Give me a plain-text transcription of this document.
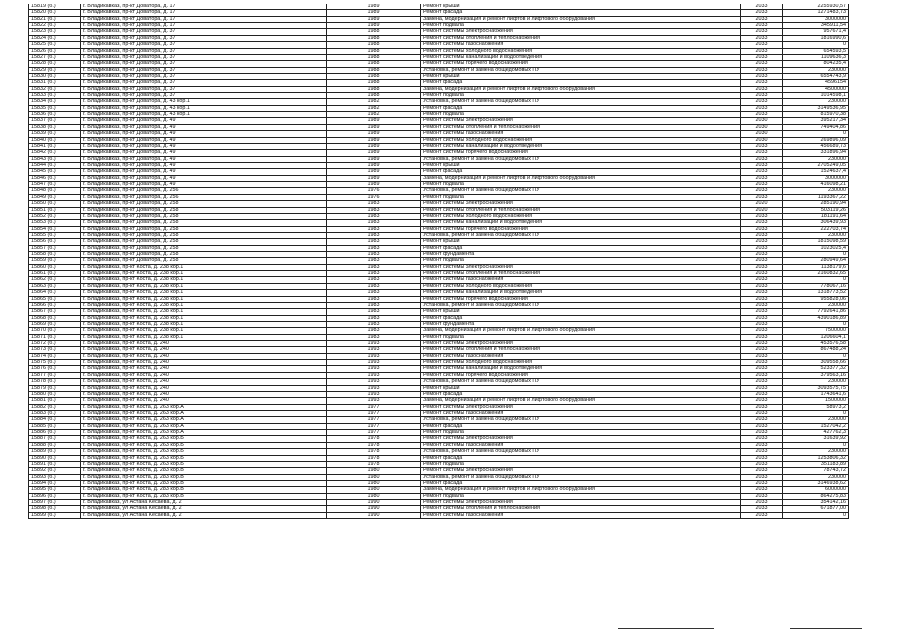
15819 (б.)	г. Владикавказ, пр-кт Доватора, д. 17	1989	Ремонт крыши	2033	2255930,57
15820 (б.)	г. Владикавказ, пр-кт Доватора, д. 17	1989	Ремонт фасада	2033	1271483,73
15821 (б.)	г. Владикавказ, пр-кт Доватора, д. 17	1989	Замена, модернизация и ремонт лифтов и лифтового оборудования	2033	3000000
15822 (б.)	г. Владикавказ, пр-кт Доватора, д. 17	1989	Ремонт подвала	2033	345911,54
15823 (б.)	г. Владикавказ, пр-кт Доватора, д. 37	1988	Ремонт системы электроснабжения	2033	957671,4
15824 (б.)	г. Владикавказ, пр-кт Доватора, д. 37	1988	Ремонт системы отопления и теплоснабжения	2033	1816990,6
15825 (б.)	г. Владикавказ, пр-кт Доватора, д. 37	1988	Ремонт системы газоснабжения	2033	0
15826 (б.)	г. Владикавказ, пр-кт Доватора, д. 37	1988	Ремонт системы холодного водоснабжения	2033	654593,5
15827 (б.)	г. Владикавказ, пр-кт Доватора, д. 37	1988	Ремонт системы канализации и водоотведения	2033	1109636,3
15828 (б.)	г. Владикавказ, пр-кт Доватора, д. 37	1988	Ремонт системы горячего водоснабжения	2033	804235,4
15829 (б.)	г. Владикавказ, пр-кт Доватора, д. 37	1988	Установка, ремонт и замена общедомовых ПУ	2033	230000
15830 (б.)	г. Владикавказ, пр-кт Доватора, д. 37	1988	Ремонт крыши	2033	6554743,9
15831 (б.)	г. Владикавказ, пр-кт Доватора, д. 37	1988	Ремонт фасада	2033	4596154
15832 (б.)	г. Владикавказ, пр-кт Доватора, д. 37	1988	Замена, модернизация и ремонт лифтов и лифтового оборудования	2033	4500000
15833 (б.)	г. Владикавказ, пр-кт Доватора, д. 37	1988	Ремонт подвала	2033	1014598,1
15834 (б.)	г. Владикавказ, пр-кт Доватора, д. 43 кор.1	1982	Установка, ремонт и замена общедомовых ПУ	2033	230000
15835 (б.)	г. Владикавказ, пр-кт Доватора, д. 43 кор.1	1982	Ремонт фасада	2033	3149536,95
15836 (б.)	г. Владикавказ, пр-кт Доватора, д. 43 кор.1	1982	Ремонт подвала	2033	815970,38
15837 (б.)	г. Владикавказ, пр-кт Доватора, д. 49	1989	Ремонт системы электроснабжения	2030	395217,34
15838 (б.)	г. Владикавказ, пр-кт Доватора, д. 49	1989	Ремонт системы отопления и теплоснабжения	2030	749404,86
15839 (б.)	г. Владикавказ, пр-кт Доватора, д. 49	1989	Ремонт системы газоснабжения	2030	0
15840 (б.)	г. Владикавказ, пр-кт Доватора, д. 49	1989	Ремонт системы холодного водоснабжения	2030	269896,09
15841 (б.)	г. Владикавказ, пр-кт Доватора, д. 49	1989	Ремонт системы канализации и водоотведения	2033	456689,73
15842 (б.)	г. Владикавказ, пр-кт Доватора, д. 49	1989	Ремонт системы горячего водоснабжения	2033	331896,94
15843 (б.)	г. Владикавказ, пр-кт Доватора, д. 49	1989	Установка, ремонт и замена общедомовых ПУ	2033	230000
15844 (б.)	г. Владикавказ, пр-кт Доватора, д. 49	1989	Ремонт крыши	2033	2705249,05
15845 (б.)	г. Владикавказ, пр-кт Доватора, д. 49	1989	Ремонт фасада	2033	1524637,4
15846 (б.)	г. Владикавказ, пр-кт Доватора, д. 49	1989	Замена, модернизация и ремонт лифтов и лифтового оборудования	2033	3000000
15847 (б.)	г. Владикавказ, пр-кт Доватора, д. 49	1989	Ремонт подвала	2033	416098,21
15848 (б.)	г. Владикавказ, пр-кт Доватора, д. 256	1976	Установка, ремонт и замена общедомовых ПУ	2033	230000
15849 (б.)	г. Владикавказ, пр-кт Доватора, д. 256	1976	Ремонт подвала	2033	1193367,22
15850 (б.)	г. Владикавказ, пр-кт Доватора, д. 258	1983	Ремонт системы электроснабжения	2020	285190,94
15851 (б.)	г. Владикавказ, пр-кт Доватора, д. 258	1983	Ремонт системы отопления и теплоснабжения	2020	503119,26
15852 (б.)	г. Владикавказ, пр-кт Доватора, д. 258	1983	Ремонт системы холодного водоснабжения	2033	181191,64
15853 (б.)	г. Владикавказ, пр-кт Доватора, д. 258	1983	Ремонт системы канализации и водоотведения	2033	306439,93
15854 (б.)	г. Владикавказ, пр-кт Доватора, д. 258	1983	Ремонт системы горячего водоснабжения	2033	222703,74
15855 (б.)	г. Владикавказ, пр-кт Доватора, д. 258	1983	Установка, ремонт и замена общедомовых ПУ	2033	230000
15856 (б.)	г. Владикавказ, пр-кт Доватора, д. 258	1983	Ремонт крыши	2033	1815098,59
15857 (б.)	г. Владикавказ, пр-кт Доватора, д. 258	1983	Ремонт фасада	2033	1023025,4
15858 (б.)	г. Владикавказ, пр-кт Доватора, д. 258	1983	Ремонт фундамента	2033	0
15859 (б.)	г. Владикавказ, пр-кт Доватора, д. 258	1983	Ремонт подвала	2033	280949,64
15860 (б.)	г. Владикавказ, пр-кт Коста, д. 238 кор.1	1983	Ремонт системы электроснабжения	2033	1138179,6
15861 (б.)	г. Владикавказ, пр-кт Коста, д. 238 кор.1	1983	Ремонт системы отопления и теплоснабжения	2033	2160832,65
15862 (б.)	г. Владикавказ, пр-кт Коста, д. 238 кор.1	1983	Ремонт системы газоснабжения	2033	0
15863 (б.)	г. Владикавказ, пр-кт Коста, д. 238 кор.1	1983	Ремонт системы холодного водоснабжения	2033	778067,16
15864 (б.)	г. Владикавказ, пр-кт Коста, д. 238 кор.1	1983	Ремонт системы канализации и водоотведения	2033	1318773,52
15865 (б.)	г. Владикавказ, пр-кт Коста, д. 238 кор.1	1983	Ремонт системы горячего водоснабжения	2033	955828,06
15866 (б.)	г. Владикавказ, пр-кт Коста, д. 238 кор.1	1983	Установка, ремонт и замена общедомовых ПУ	2033	230000
15867 (б.)	г. Владикавказ, пр-кт Коста, д. 238 кор.1	1983	Ремонт крыши	2033	7792641,86
15868 (б.)	г. Владикавказ, пр-кт Коста, д. 238 кор.1	1983	Ремонт фасада	2033	4390186,89
15869 (б.)	г. Владикавказ, пр-кт Коста, д. 238 кор.1	1983	Ремонт фундамента	2033	0
15870 (б.)	г. Владикавказ, пр-кт Коста, д. 238 кор.1	1983	Замена, модернизация и ремонт лифтов и лифтового оборудования	2033	7500000
15871 (б.)	г. Владикавказ, пр-кт Коста, д. 238 кор.1	1983	Ремонт подвала	2033	1206604,1
15872 (б.)	г. Владикавказ, пр-кт Коста, д. 240	1993	Ремонт системы электроснабжения	2033	453576,58
15873 (б.)	г. Владикавказ, пр-кт Коста, д. 240	1993	Ремонт системы отопления и теплоснабжения	2033	867488,24
15874 (б.)	г. Владикавказ, пр-кт Коста, д. 240	1993	Ремонт системы газоснабжения	2033	0
15875 (б.)	г. Владикавказ, пр-кт Коста, д. 240	1993	Ремонт системы холодного водоснабжения	2033	309558,66
15876 (б.)	г. Владикавказ, пр-кт Коста, д. 240	1993	Ремонт системы канализации и водоотведения	2033	523377,32
15877 (б.)	г. Владикавказ, пр-кт Коста, д. 240	1993	Ремонт системы горячего водоснабжения	2033	379563,16
15878 (б.)	г. Владикавказ, пр-кт Коста, д. 240	1993	Установка, ремонт и замена общедомовых ПУ	2033	230000
15879 (б.)	г. Владикавказ, пр-кт Коста, д. 240	1993	Ремонт крыши	2033	3093575,75
15880 (б.)	г. Владикавказ, пр-кт Коста, д. 240	1993	Ремонт фасада	2033	1743641,6
15881 (б.)	г. Владикавказ, пр-кт Коста, д. 240	1993	Замена, модернизация и ремонт лифтов и лифтового оборудования	2033	1500000
15882 (б.)	г. Владикавказ, пр-кт Коста, д. 263 кор.А	1977	Ремонт системы электроснабжения	2033	58973,2
15883 (б.)	г. Владикавказ, пр-кт Коста, д. 263 кор.А	1977	Ремонт системы газоснабжения	2033	0
15884 (б.)	г. Владикавказ, пр-кт Коста, д. 263 кор.А	1977	Установка, ремонт и замена общедомовых ПУ	2033	230000
15885 (б.)	г. Владикавказ, пр-кт Коста, д. 263 кор.А	1977	Ремонт фасада	2033	1527042,2
15886 (б.)	г. Владикавказ, пр-кт Коста, д. 263 кор.А	1977	Ремонт подвала	2033	427762,3
15887 (б.)	г. Владикавказ, пр-кт Коста, д. 263 кор.Б	1978	Ремонт системы электроснабжения	2033	31639,92
15888 (б.)	г. Владикавказ, пр-кт Коста, д. 263 кор.Б	1978	Ремонт системы газоснабжения	2033	0
15889 (б.)	г. Владикавказ, пр-кт Коста, д. 263 кор.Б	1978	Установка, ремонт и замена общедомовых ПУ	2033	230000
15890 (б.)	г. Владикавказ, пр-кт Коста, д. 263 кор.Б	1978	Ремонт фасада	2033	1253806,32
15891 (б.)	г. Владикавказ, пр-кт Коста, д. 263 кор.Б	1978	Ремонт подвала	2033	351183,89
15892 (б.)	г. Владикавказ, пр-кт Коста, д. 283 кор.В	1980	Ремонт системы электроснабжения	2033	78743,72
15893 (б.)	г. Владикавказ, пр-кт Коста, д. 283 кор.В	1980	Установка, ремонт и замена общедомовых ПУ	2033	230000
15894 (б.)	г. Владикавказ, пр-кт Коста, д. 283 кор.В	1980	Ремонт фасада	2033	3146938,62
15895 (б.)	г. Владикавказ, пр-кт Коста, д. 283 кор.В	1980	Замена, модернизация и ремонт лифтов и лифтового оборудования	2033	6000000
15896 (б.)	г. Владикавказ, пр-кт Коста, д. 283 кор.В	1980	Ремонт подвала	2033	864275,83
15897 (б.)	г. Владикавказ, ул Астана Кесаева, д. 2	1990	Ремонт системы электроснабжения	2033	354142,16
15898 (б.)	г. Владикавказ, ул Астана Кесаева, д. 2	1990	Ремонт системы отопления и теплоснабжения	2033	671877,00
15899 (б.)	г. Владикавказ, ул Астана Кесаева, д. 2	1990	Ремонт системы газоснабжения	2033	0
